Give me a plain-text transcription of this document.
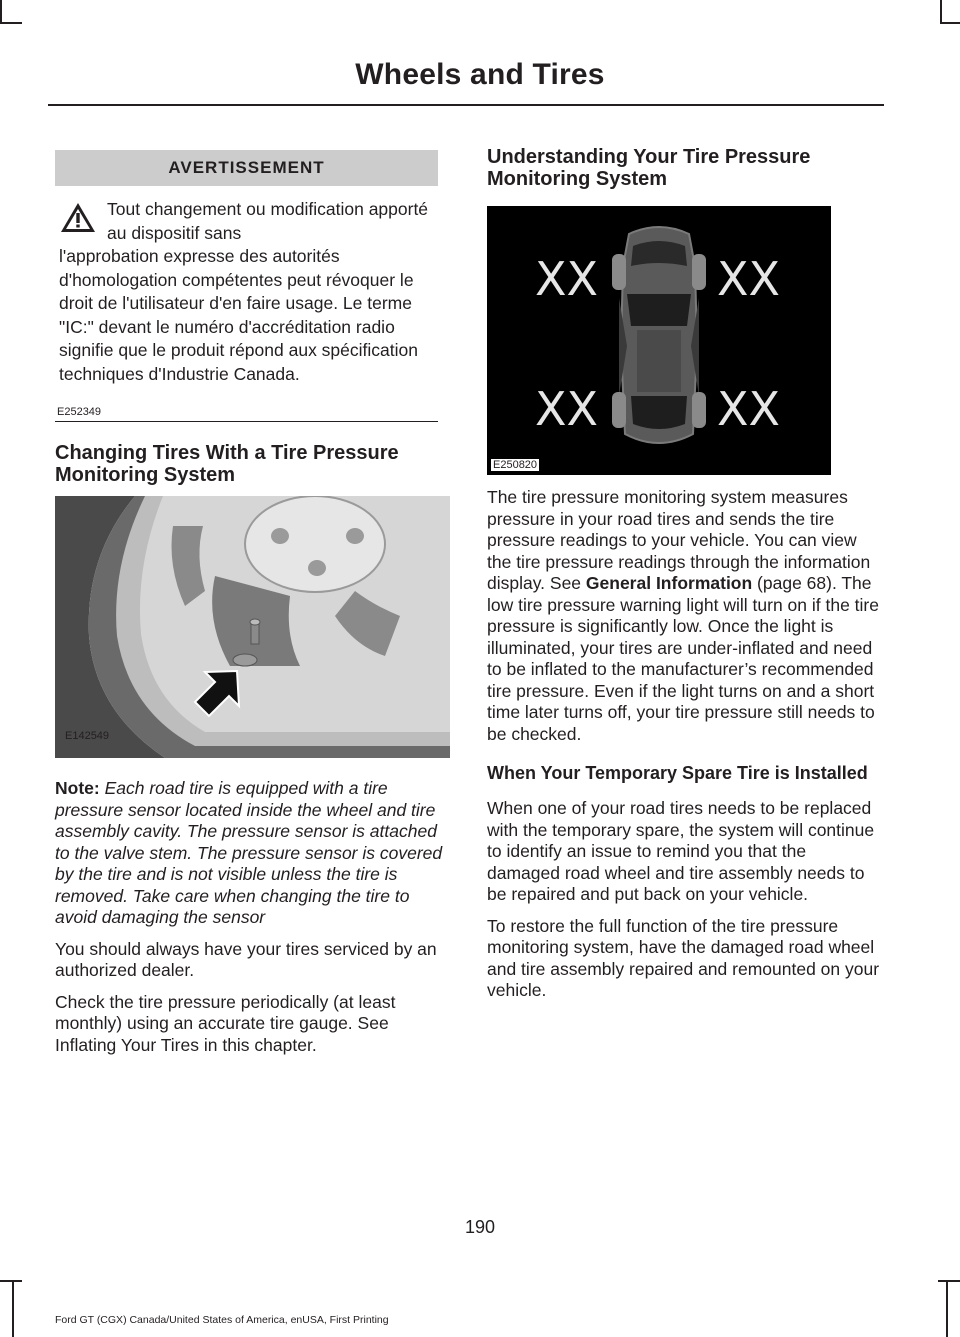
Wheels and Tires
AVERTISSEMENT
Tout changement ou modification apporté au dispositif sans
l'approbation expresse des autorités d'homologation compétentes peut révoquer le droit de l'utilisateur d'en faire usage. Le terme "IC:" devant le numéro d'accréditation radio signifie que le produit répond aux spécification techniques d'Industrie Canada.
E252349
Changing Tires With a Tire Pressure Monitoring System
E142549

Note: Each road tire is equipped with a tire pressure sensor located inside the wheel and tire assembly cavity. The pressure sensor is attached to the valve stem. The pressure sensor is covered by the tire and is not visible unless the tire is removed. Take care when changing the tire to avoid damaging the sensor

You should always have your tires serviced by an authorized dealer.

Check the tire pressure periodically (at least monthly) using an accurate tire gauge. See Inflating Your Tires in this chapter.

Understanding Your Tire Pressure Monitoring System
XX	XX
XX	XX
E250820

The tire pressure monitoring system measures pressure in your road tires and sends the tire pressure readings to your vehicle. You can view the tire pressure readings through the information display. See General Information (page 68). The low tire pressure warning light will turn on if the tire pressure is significantly low. Once the light is illuminated, your tires are under-inflated and need to be inflated to the manufacturer’s recommended tire pressure. Even if the light turns on and a short time later turns off, your tire pressure still needs to be checked.

When Your Temporary Spare Tire is Installed

When one of your road tires needs to be replaced with the temporary spare, the system will continue to identify an issue to remind you that the damaged road wheel and tire assembly needs to be repaired and put back on your vehicle.

To restore the full function of the tire pressure monitoring system, have the damaged road wheel and tire assembly repaired and remounted on your vehicle.

190
Ford GT (CGX) Canada/United States of America, enUSA, First Printing
